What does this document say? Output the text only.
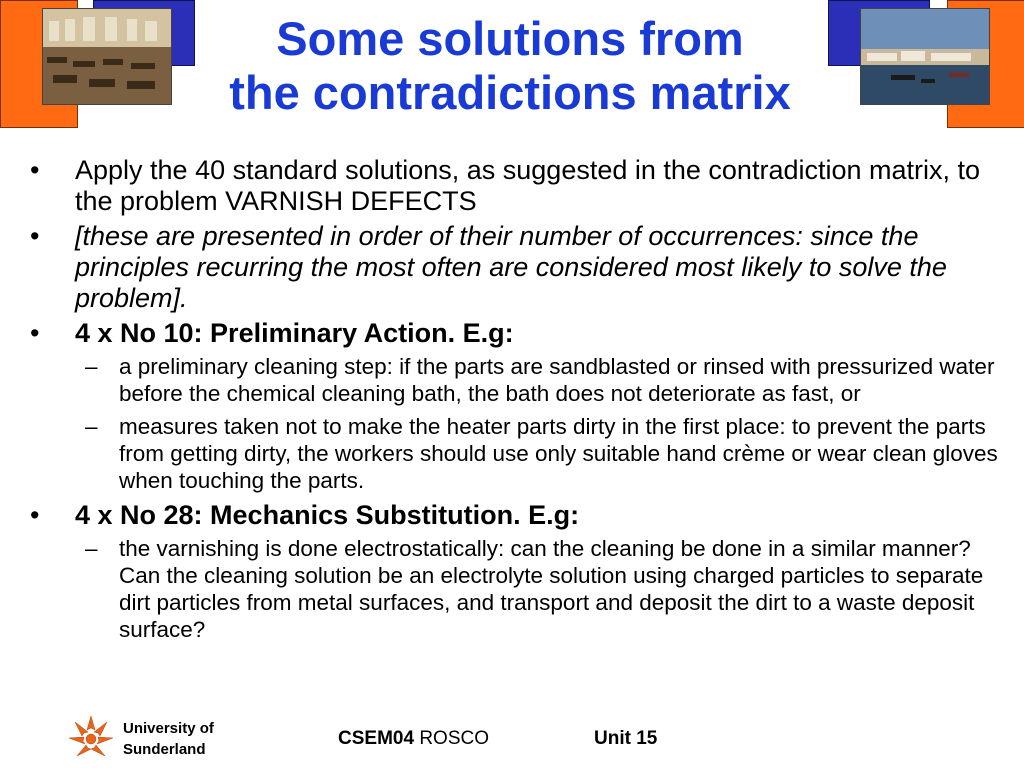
Some solutions from
the contradictions matrix
• Apply the 40 standard solutions, as suggested in the contradiction matrix, to the problem VARNISH DEFECTS
• [these are presented in order of their number of occurrences: since the principles recurring the most often are considered most likely to solve the problem].
• 4 x No 10: Preliminary Action. E.g:
– a preliminary cleaning step: if the parts are sandblasted or rinsed with pressurized water before the chemical cleaning bath, the bath does not deteriorate as fast, or
– measures taken not to make the heater parts dirty in the first place: to prevent the parts from getting dirty, the workers should use only suitable hand crème or wear clean gloves when touching the parts.
• 4 x No 28: Mechanics Substitution. E.g:
– the varnishing is done electrostatically: can the cleaning be done in a similar manner? Can the cleaning solution be an electrolyte solution using charged particles to separate dirt particles from metal surfaces, and transport and deposit the dirt to a waste deposit surface?
University of
Sunderland
CSEM04 ROSCO	Unit 15
